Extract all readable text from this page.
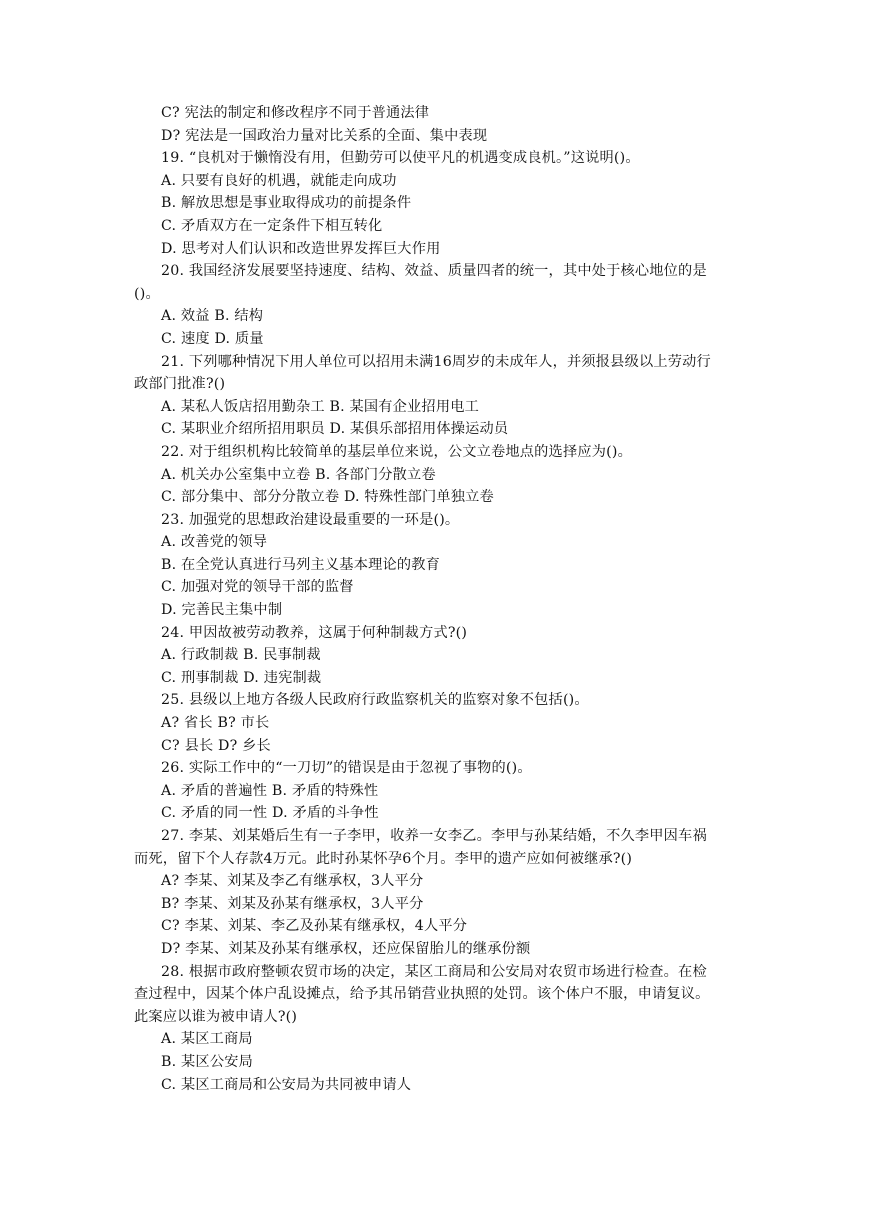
C? 宪法的制定和修改程序不同于普通法律
D? 宪法是一国政治力量对比关系的全面、集中表现
19. “良机对于懒惰没有用，但勤劳可以使平凡的机遇变成良机。”这说明()。
A. 只要有良好的机遇，就能走向成功
B. 解放思想是事业取得成功的前提条件
C. 矛盾双方在一定条件下相互转化
D. 思考对人们认识和改造世界发挥巨大作用
20. 我国经济发展要坚持速度、结构、效益、质量四者的统一，其中处于核心地位的是
()。
A. 效益 B. 结构
C. 速度 D. 质量
21. 下列哪种情况下用人单位可以招用未满16周岁的未成年人，并须报县级以上劳动行
政部门批准?()
A. 某私人饭店招用勤杂工 B. 某国有企业招用电工
C. 某职业介绍所招用职员 D. 某俱乐部招用体操运动员
22. 对于组织机构比较简单的基层单位来说，公文立卷地点的选择应为()。
A. 机关办公室集中立卷 B. 各部门分散立卷
C. 部分集中、部分分散立卷 D. 特殊性部门单独立卷
23. 加强党的思想政治建设最重要的一环是()。
A. 改善党的领导
B. 在全党认真进行马列主义基本理论的教育
C. 加强对党的领导干部的监督
D. 完善民主集中制
24. 甲因故被劳动教养，这属于何种制裁方式?()
A. 行政制裁 B. 民事制裁
C. 刑事制裁 D. 违宪制裁
25. 县级以上地方各级人民政府行政监察机关的监察对象不包括()。
A? 省长 B? 市长
C? 县长 D? 乡长
26. 实际工作中的“一刀切”的错误是由于忽视了事物的()。
A. 矛盾的普遍性 B. 矛盾的特殊性
C. 矛盾的同一性 D. 矛盾的斗争性
27. 李某、刘某婚后生有一子李甲，收养一女李乙。李甲与孙某结婚，不久李甲因车祸
而死，留下个人存款4万元。此时孙某怀孕6个月。李甲的遗产应如何被继承?()
A? 李某、刘某及李乙有继承权，3人平分
B? 李某、刘某及孙某有继承权，3人平分
C? 李某、刘某、李乙及孙某有继承权，4人平分
D? 李某、刘某及孙某有继承权，还应保留胎儿的继承份额
28. 根据市政府整顿农贸市场的决定，某区工商局和公安局对农贸市场进行检查。在检
查过程中，因某个体户乱设摊点，给予其吊销营业执照的处罚。该个体户不服，申请复议。
此案应以谁为被申请人?()
A. 某区工商局
B. 某区公安局
C. 某区工商局和公安局为共同被申请人
